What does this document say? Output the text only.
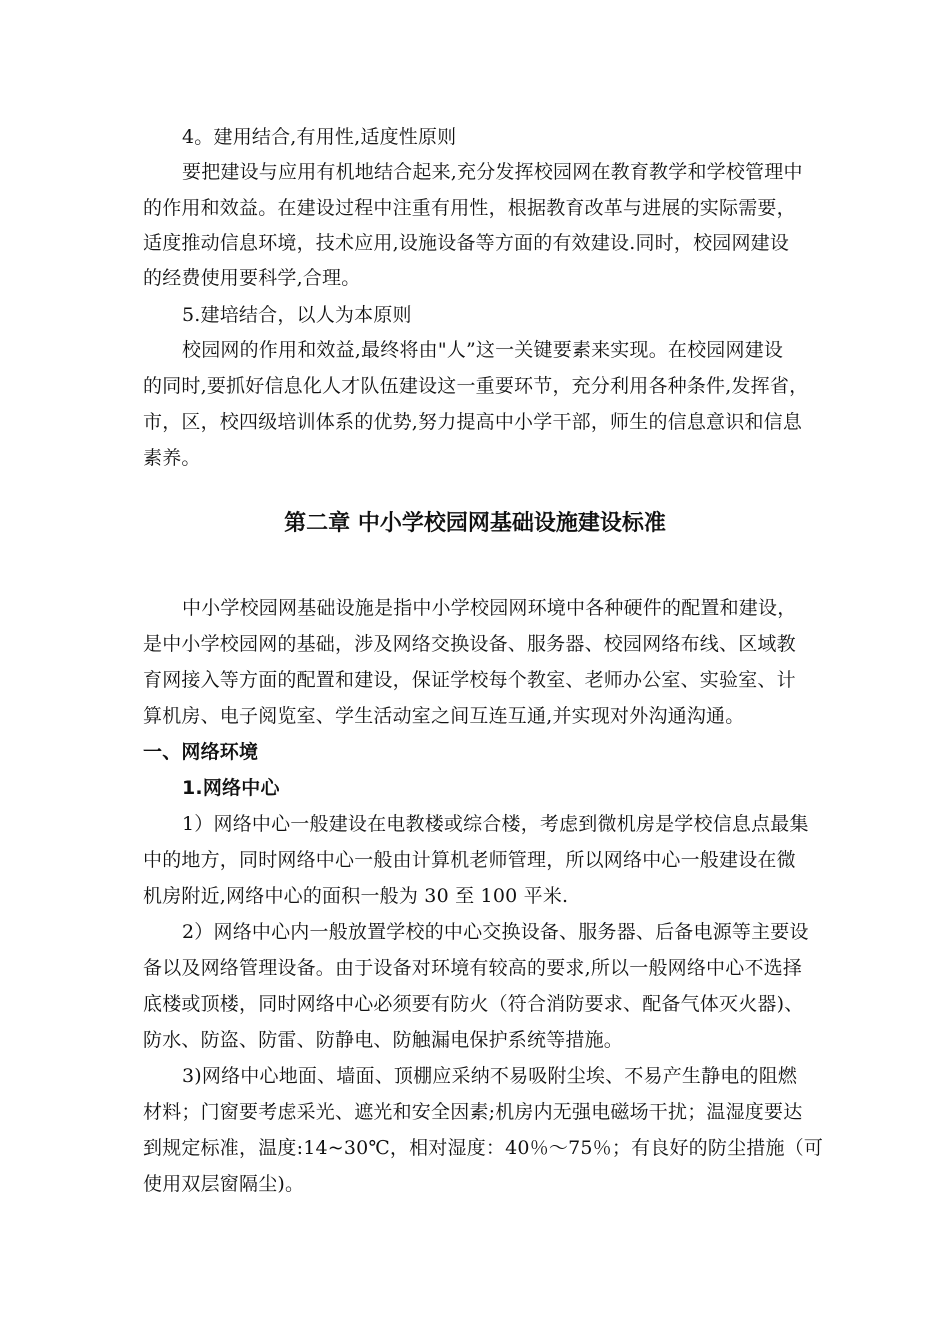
4。建用结合,有用性,适度性原则
要把建设与应用有机地结合起来,充分发挥校园网在教育教学和学校管理中
的作用和效益。在建设过程中注重有用性，根据教育改革与进展的实际需要，
适度推动信息环境，技术应用,设施设备等方面的有效建设.同时，校园网建设
的经费使用要科学,合理。
5.建培结合，以人为本原则
校园网的作用和效益,最终将由"人”这一关键要素来实现。在校园网建设
的同时,要抓好信息化人才队伍建设这一重要环节，充分利用各种条件,发挥省，
市，区，校四级培训体系的优势,努力提高中小学干部，师生的信息意识和信息
素养。
第二章 中小学校园网基础设施建设标准
中小学校园网基础设施是指中小学校园网环境中各种硬件的配置和建设，
是中小学校园网的基础，涉及网络交换设备、服务器、校园网络布线、区域教
育网接入等方面的配置和建设，保证学校每个教室、老师办公室、实验室、计
算机房、电子阅览室、学生活动室之间互连互通,并实现对外沟通沟通。
一、网络环境
1.网络中心
1）网络中心一般建设在电教楼或综合楼，考虑到微机房是学校信息点最集
中的地方，同时网络中心一般由计算机老师管理，所以网络中心一般建设在微
机房附近,网络中心的面积一般为 30 至 100 平米.
2）网络中心内一般放置学校的中心交换设备、服务器、后备电源等主要设
备以及网络管理设备。由于设备对环境有较高的要求,所以一般网络中心不选择
底楼或顶楼，同时网络中心必须要有防火（符合消防要求、配备气体灭火器)、
防水、防盗、防雷、防静电、防触漏电保护系统等措施。
3)网络中心地面、墙面、顶棚应采纳不易吸附尘埃、不易产生静电的阻燃
材料；门窗要考虑采光、遮光和安全因素;机房内无强电磁场干扰；温湿度要达
到规定标准，温度:14~30℃，相对湿度：40％～75％；有良好的防尘措施（可
使用双层窗隔尘)。
